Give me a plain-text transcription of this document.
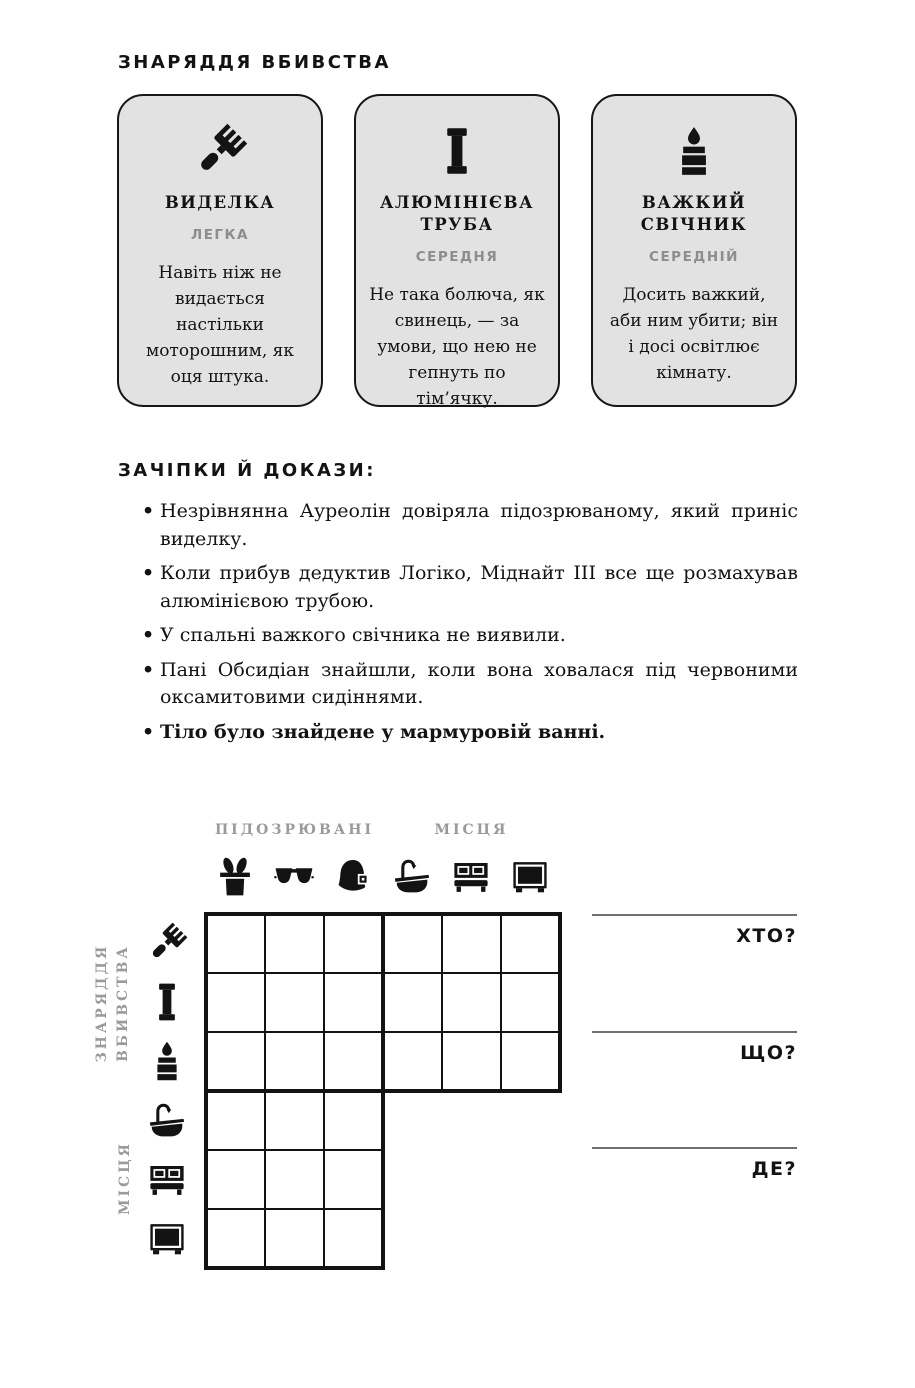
ЗНАРЯДДЯ ВБИВСТВА
ВИДЕЛКА
ЛЕГКА
Навіть ніж не видається настільки моторошним, як оця штука.
АЛЮМІНІЄВА ТРУБА
СЕРЕДНЯ
Не така болюча, як свинець, — за умови, що нею не гепнуть по тім’ячку.
ВАЖКИЙ СВІЧНИК
СЕРЕДНІЙ
Досить важкий, аби ним убити; він і досі освітлює кімнату.
ЗАЧІПКИ Й ДОКАЗИ:
• Незрівнянна Ауреолін довіряла підозрюваному, який приніс виделку.
• Коли прибув дедуктив Логіко, Міднайт III все ще розмахував алюмінієвою трубою.
• У спальні важкого свічника не виявили.
• Пані Обсидіан знайшли, коли вона ховалася під червоними оксамитовими сидіннями.
• Тіло було знайдене у мармуровій ванні.
ПІДОЗРЮВАНІ	МІСЦЯ
ЗНАРЯДДЯ ВБИВСТВА
МІСЦЯ
ХТО?
ЩО?
ДЕ?
